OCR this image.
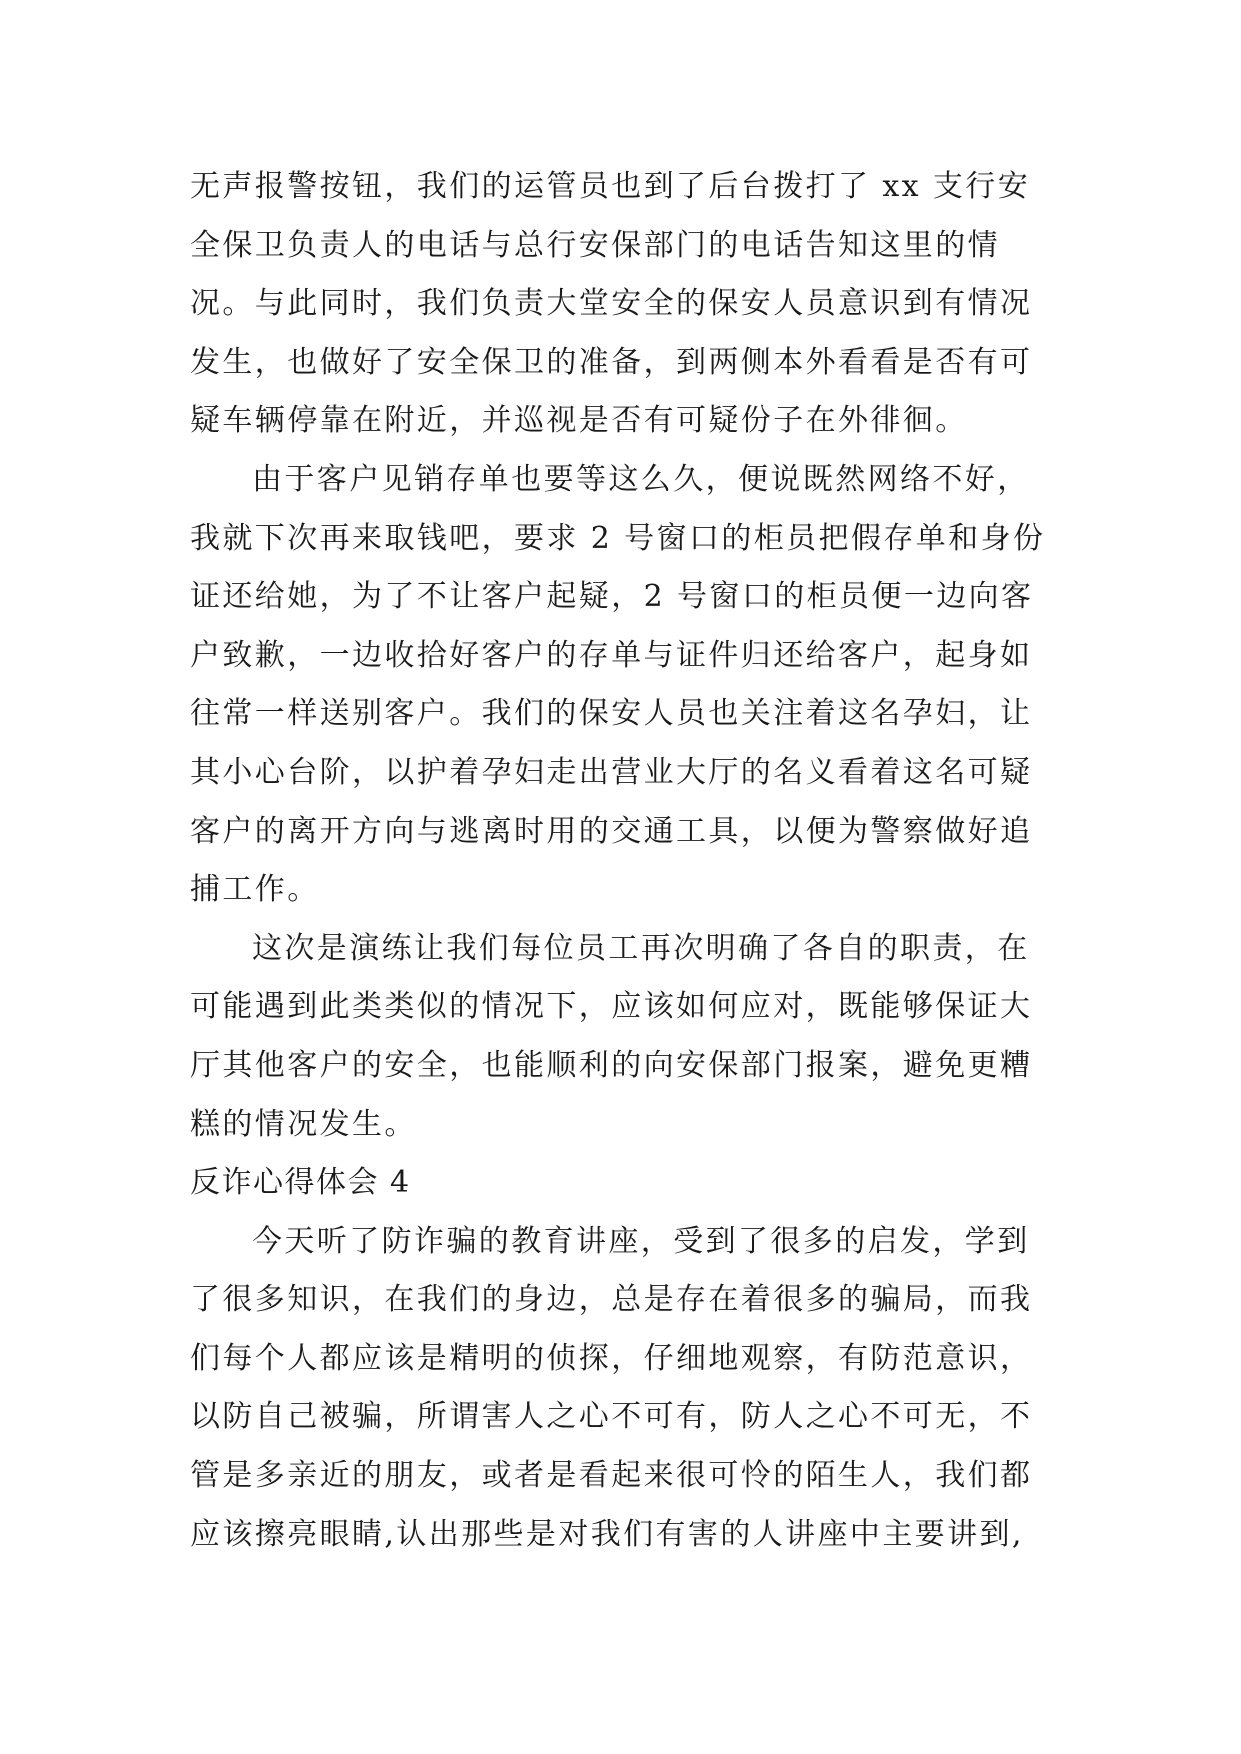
无声报警按钮，我们的运管员也到了后台拨打了 xx 支行安
全保卫负责人的电话与总行安保部门的电话告知这里的情
况。与此同时，我们负责大堂安全的保安人员意识到有情况
发生，也做好了安全保卫的准备，到两侧本外看看是否有可
疑车辆停靠在附近，并巡视是否有可疑份子在外徘徊。
由于客户见销存单也要等这么久，便说既然网络不好，
我就下次再来取钱吧，要求 2 号窗口的柜员把假存单和身份
证还给她，为了不让客户起疑，2 号窗口的柜员便一边向客
户致歉，一边收拾好客户的存单与证件归还给客户，起身如
往常一样送别客户。我们的保安人员也关注着这名孕妇，让
其小心台阶，以护着孕妇走出营业大厅的名义看着这名可疑
客户的离开方向与逃离时用的交通工具，以便为警察做好追
捕工作。
这次是演练让我们每位员工再次明确了各自的职责，在
可能遇到此类类似的情况下，应该如何应对，既能够保证大
厅其他客户的安全，也能顺利的向安保部门报案，避免更糟
糕的情况发生。
反诈心得体会 4
今天听了防诈骗的教育讲座，受到了很多的启发，学到
了很多知识，在我们的身边，总是存在着很多的骗局，而我
们每个人都应该是精明的侦探，仔细地观察，有防范意识，
以防自己被骗，所谓害人之心不可有，防人之心不可无，不
管是多亲近的朋友，或者是看起来很可怜的陌生人，我们都
应该擦亮眼睛,认出那些是对我们有害的人讲座中主要讲到,
